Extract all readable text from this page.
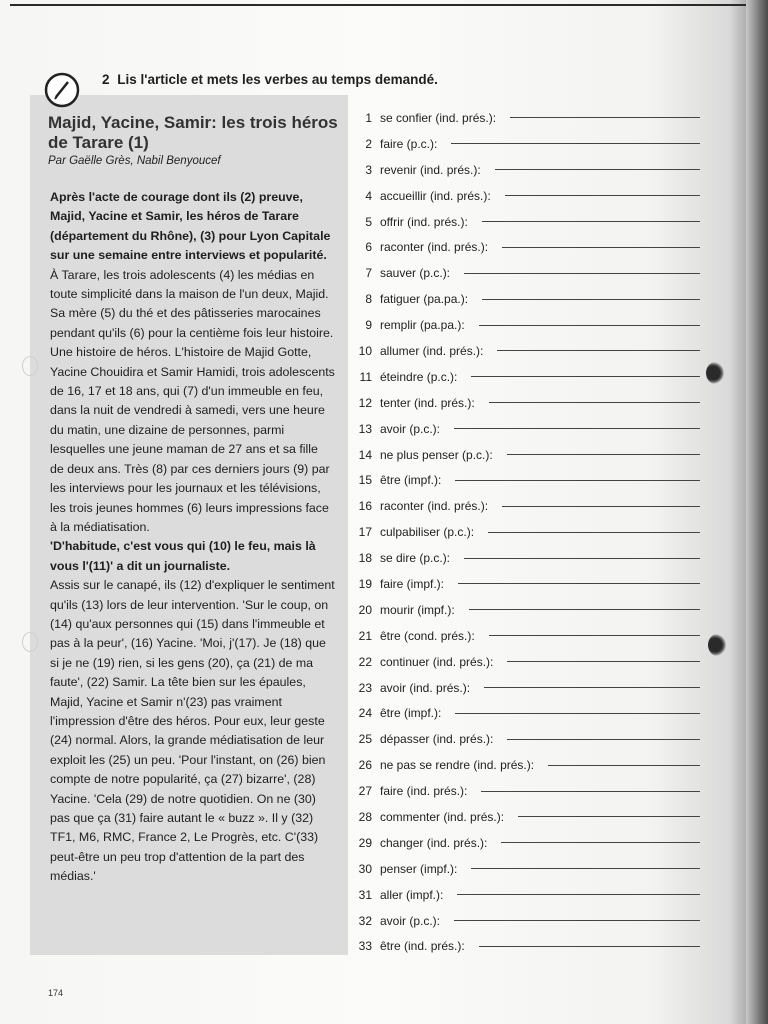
2 Lis l'article et mets les verbes au temps demandé.
Majid, Yacine, Samir: les trois héros de Tarare (1)
Par Gaëlle Grès, Nabil Benyoucef

Après l'acte de courage dont ils (2) preuve, Majid, Yacine et Samir, les héros de Tarare (département du Rhône), (3) pour Lyon Capitale sur une semaine entre interviews et popularité.

À Tarare, les trois adolescents (4) les médias en toute simplicité dans la maison de l'un deux, Majid. Sa mère (5) du thé et des pâtisseries marocaines pendant qu'ils (6) pour la centième fois leur histoire. Une histoire de héros. L'histoire de Majid Gotte, Yacine Chouidira et Samir Hamidi, trois adolescents de 16, 17 et 18 ans, qui (7) d'un immeuble en feu, dans la nuit de vendredi à samedi, vers une heure du matin, une dizaine de personnes, parmi lesquelles une jeune maman de 27 ans et sa fille de deux ans. Très (8) par ces derniers jours (9) par les interviews pour les journaux et les télévisions, les trois jeunes hommes (6) leurs impressions face à la médiatisation.

'D'habitude, c'est vous qui (10) le feu, mais là vous l'(11)' a dit un journaliste.

Assis sur le canapé, ils (12) d'expliquer le sentiment qu'ils (13) lors de leur intervention. 'Sur le coup, on (14) qu'aux personnes qui (15) dans l'immeuble et pas à la peur', (16) Yacine. 'Moi, j'(17). Je (18) que si je ne (19) rien, si les gens (20), ça (21) de ma faute', (22) Samir. La tête bien sur les épaules, Majid, Yacine et Samir n'(23) pas vraiment l'impression d'être des héros. Pour eux, leur geste (24) normal. Alors, la grande médiatisation de leur exploit les (25) un peu. 'Pour l'instant, on (26) bien compte de notre popularité, ça (27) bizarre', (28) Yacine. 'Cela (29) de notre quotidien. On ne (30) pas que ça (31) faire autant le « buzz ». Il y (32) TF1, M6, RMC, France 2, Le Progrès, etc. C'(33) peut-être un peu trop d'attention de la part des médias.'

1 se confier (ind. prés.):
2 faire (p.c.):
3 revenir (ind. prés.):
4 accueillir (ind. prés.):
5 offrir (ind. prés.):
6 raconter (ind. prés.):
7 sauver (p.c.):
8 fatiguer (pa.pa.):
9 remplir (pa.pa.):
10 allumer (ind. prés.):
11 éteindre (p.c.):
12 tenter (ind. prés.):
13 avoir (p.c.):
14 ne plus penser (p.c.):
15 être (impf.):
16 raconter (ind. prés.):
17 culpabiliser (p.c.):
18 se dire (p.c.):
19 faire (impf.):
20 mourir (impf.):
21 être (cond. prés.):
22 continuer (ind. prés.):
23 avoir (ind. prés.):
24 être (impf.):
25 dépasser (ind. prés.):
26 ne pas se rendre (ind. prés.):
27 faire (ind. prés.):
28 commenter (ind. prés.):
29 changer (ind. prés.):
30 penser (impf.):
31 aller (impf.):
32 avoir (p.c.):
33 être (ind. prés.):
174
